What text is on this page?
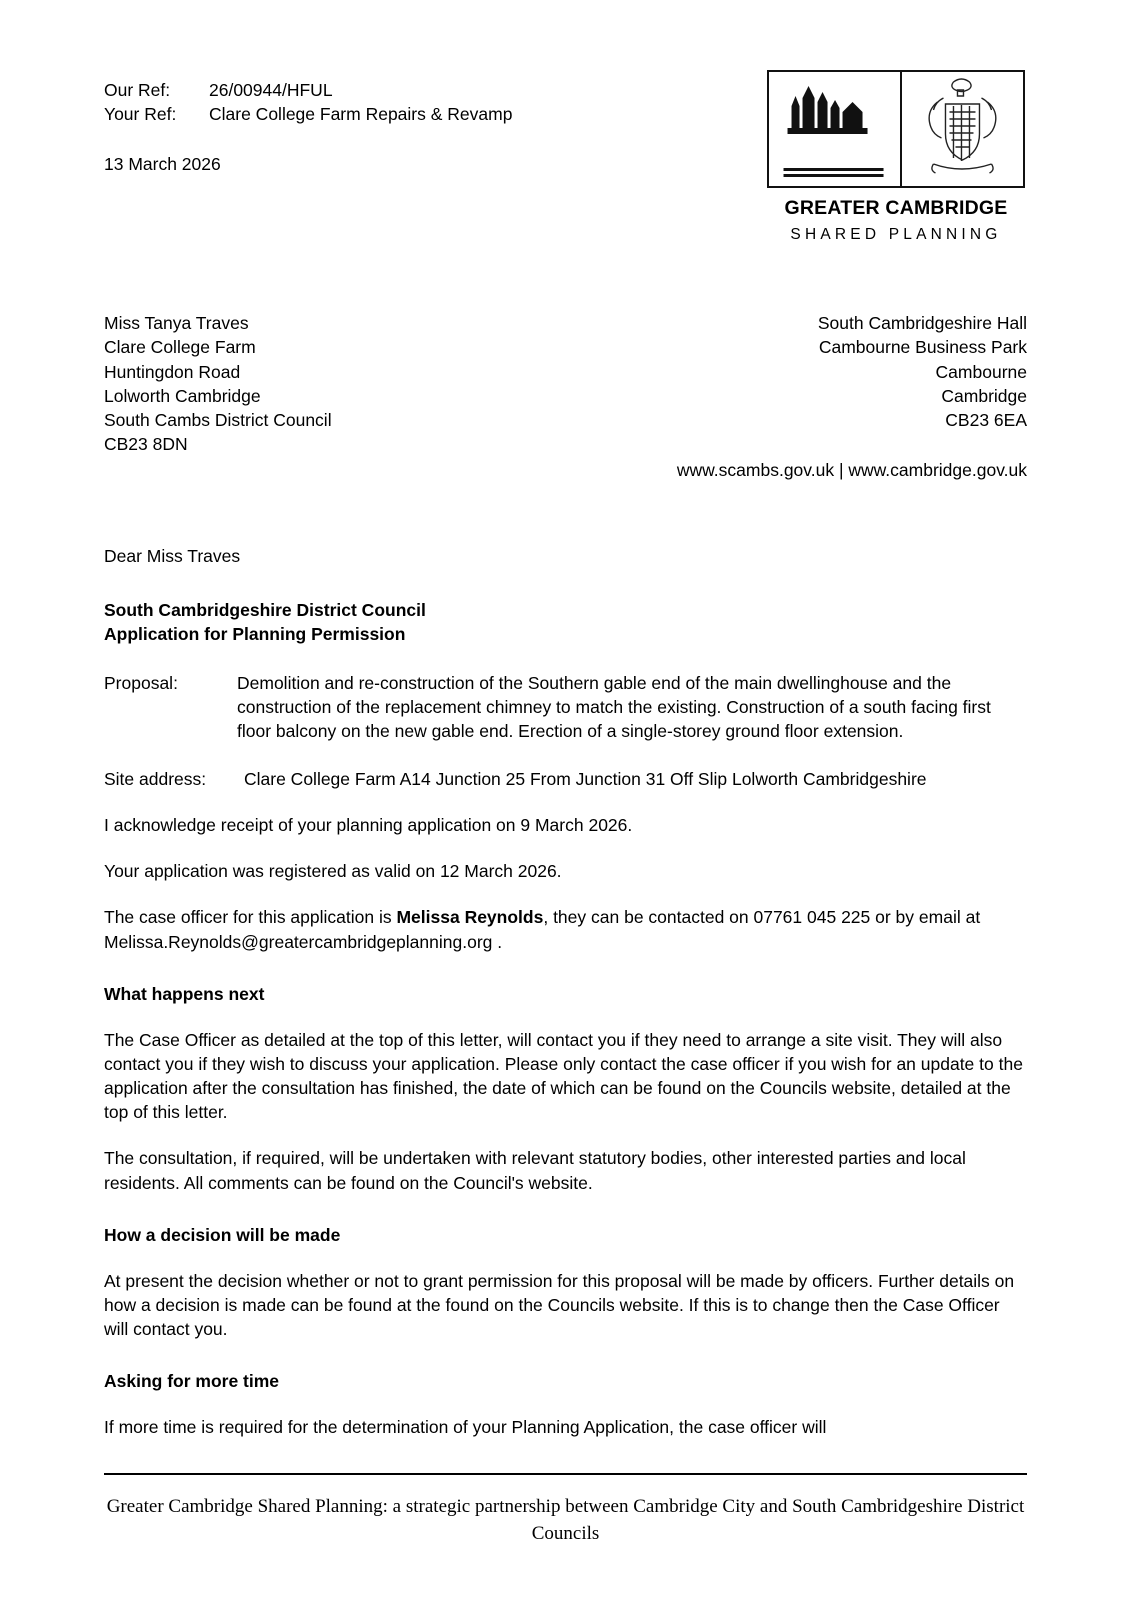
Our Ref:	26/00944/HFUL
Your Ref:	Clare College Farm Repairs & Revamp
13 March 2026
GREATER CAMBRIDGE
SHARED PLANNING
Miss Tanya Traves
Clare College Farm
Huntingdon Road
Lolworth Cambridge
South Cambs District Council
CB23 8DN
South Cambridgeshire Hall
Cambourne Business Park
Cambourne
Cambridge
CB23 6EA
www.scambs.gov.uk | www.cambridge.gov.uk
Dear Miss Traves
South Cambridgeshire District Council
Application for Planning Permission
Proposal:	Demolition and re-construction of the Southern gable end of the main dwellinghouse and the construction of the replacement chimney to match the existing. Construction of a south facing first floor balcony on the new gable end. Erection of a single-storey ground floor extension.
Site address:	Clare College Farm A14 Junction 25 From Junction 31 Off Slip Lolworth Cambridgeshire
I acknowledge receipt of your planning application on 9 March 2026.
Your application was registered as valid on 12 March 2026.
The case officer for this application is Melissa Reynolds, they can be contacted on 07761 045 225 or by email at Melissa.Reynolds@greatercambridgeplanning.org .
What happens next
The Case Officer as detailed at the top of this letter, will contact you if they need to arrange a site visit. They will also contact you if they wish to discuss your application. Please only contact the case officer if you wish for an update to the application after the consultation has finished, the date of which can be found on the Councils website, detailed at the top of this letter.
The consultation, if required, will be undertaken with relevant statutory bodies, other interested parties and local residents. All comments can be found on the Council's website.
How a decision will be made
At present the decision whether or not to grant permission for this proposal will be made by officers. Further details on how a decision is made can be found at the found on the Councils website. If this is to change then the Case Officer will contact you.
Asking for more time
If more time is required for the determination of your Planning Application, the case officer will
Greater Cambridge Shared Planning: a strategic partnership between Cambridge City and South Cambridgeshire District Councils
